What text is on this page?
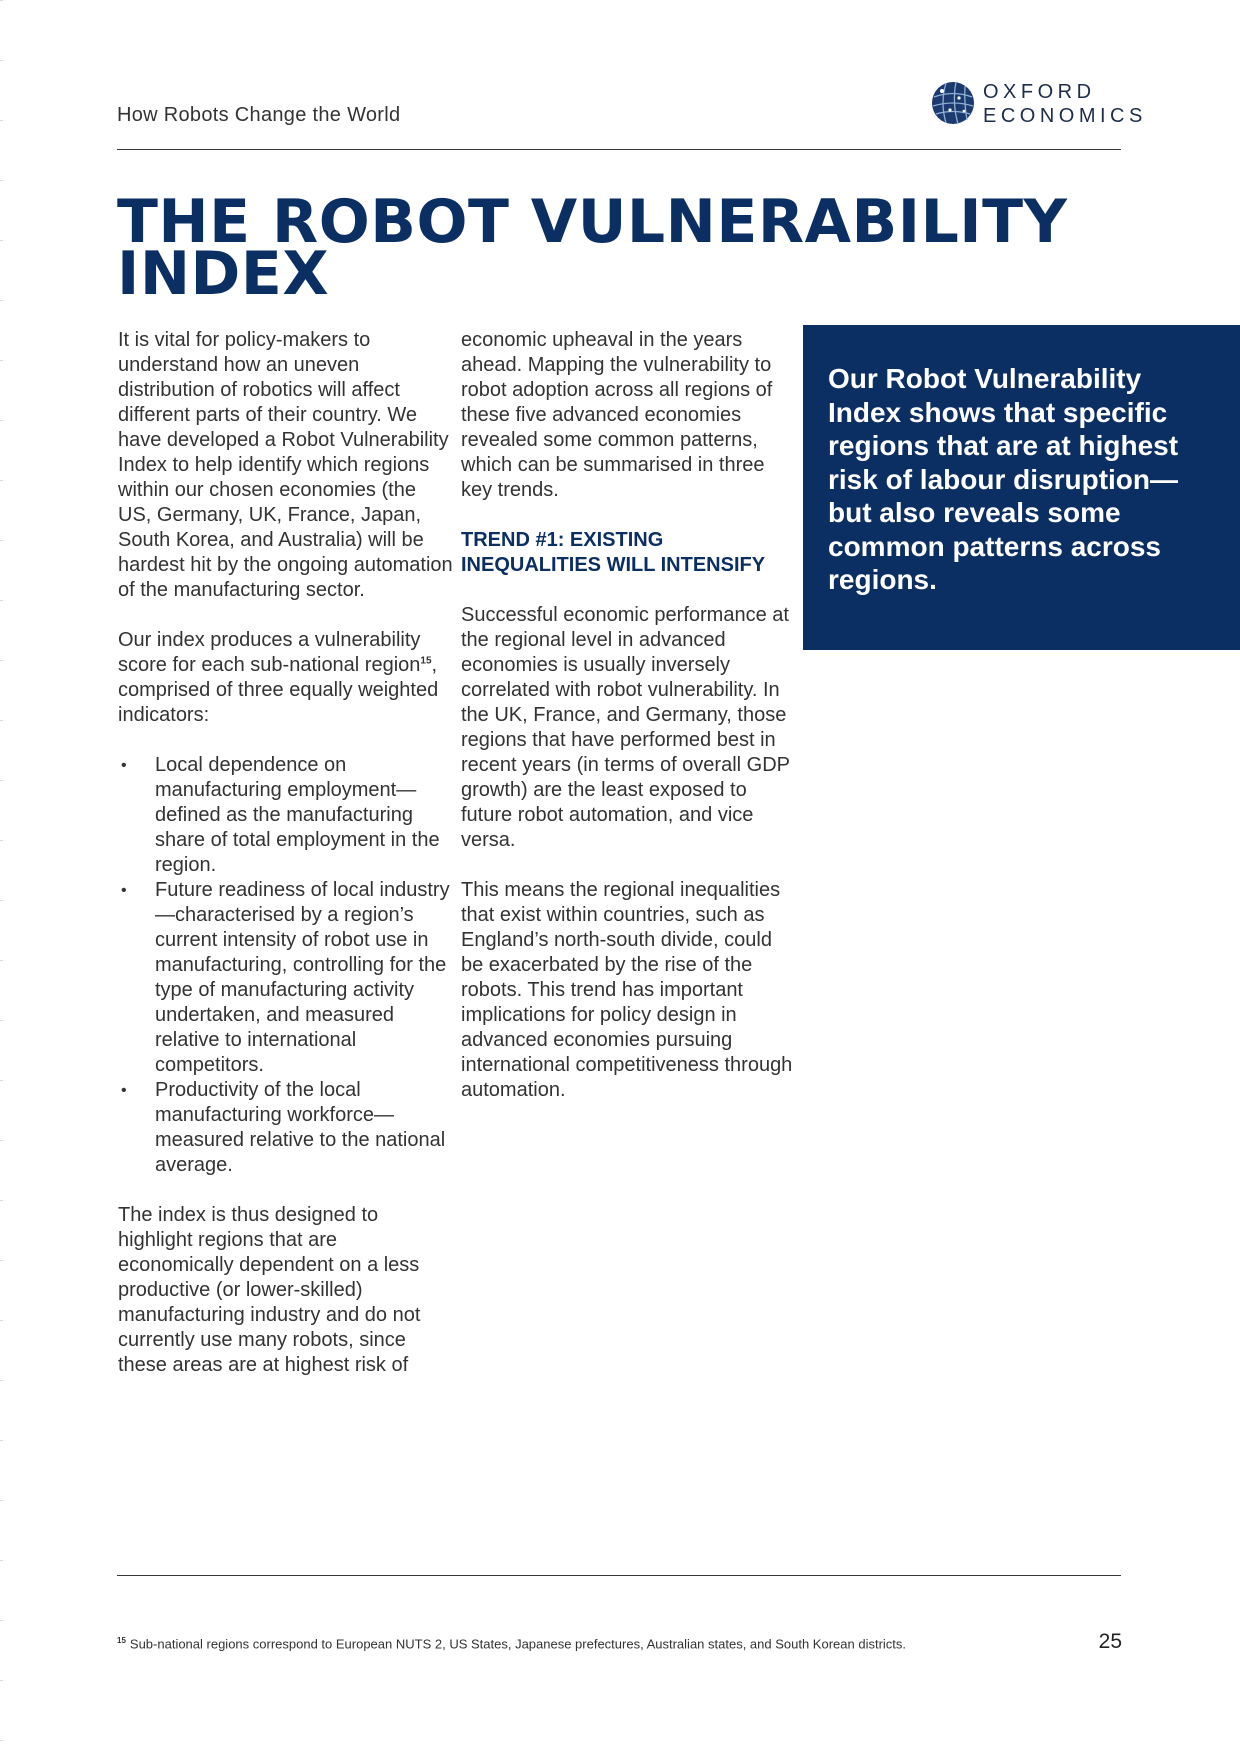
How Robots Change the World
OXFORD
ECONOMICS
THE ROBOT VULNERABILITY
INDEX

It is vital for policy-makers to understand how an uneven distribution of robotics will affect different parts of their country. We have developed a Robot Vulnerability Index to help identify which regions within our chosen economies (the US, Germany, UK, France, Japan, South Korea, and Australia) will be hardest hit by the ongoing automation of the manufacturing sector.

Our index produces a vulnerability score for each sub-national region$^{15}$, comprised of three equally weighted indicators:

• Local dependence on manufacturing employment—defined as the manufacturing share of total employment in the region.
• Future readiness of local industry—characterised by a region’s current intensity of robot use in manufacturing, controlling for the type of manufacturing activity undertaken, and measured relative to international competitors.
• Productivity of the local manufacturing workforce—measured relative to the national average.

The index is thus designed to highlight regions that are economically dependent on a less productive (or lower-skilled) manufacturing industry and do not currently use many robots, since these areas are at highest risk of

economic upheaval in the years ahead. Mapping the vulnerability to robot adoption across all regions of these five advanced economies revealed some common patterns, which can be summarised in three key trends.

TREND #1: EXISTING INEQUALITIES WILL INTENSIFY

Successful economic performance at the regional level in advanced economies is usually inversely correlated with robot vulnerability. In the UK, France, and Germany, those regions that have performed best in recent years (in terms of overall GDP growth) are the least exposed to future robot automation, and vice versa.

This means the regional inequalities that exist within countries, such as England’s north-south divide, could be exacerbated by the rise of the robots. This trend has important implications for policy design in advanced economies pursuing international competitiveness through automation.

Our Robot Vulnerability Index shows that specific regions that are at highest risk of labour disruption—but also reveals some common patterns across regions.

$^{15}$ Sub-national regions correspond to European NUTS 2, US States, Japanese prefectures, Australian states, and South Korean districts.	25
